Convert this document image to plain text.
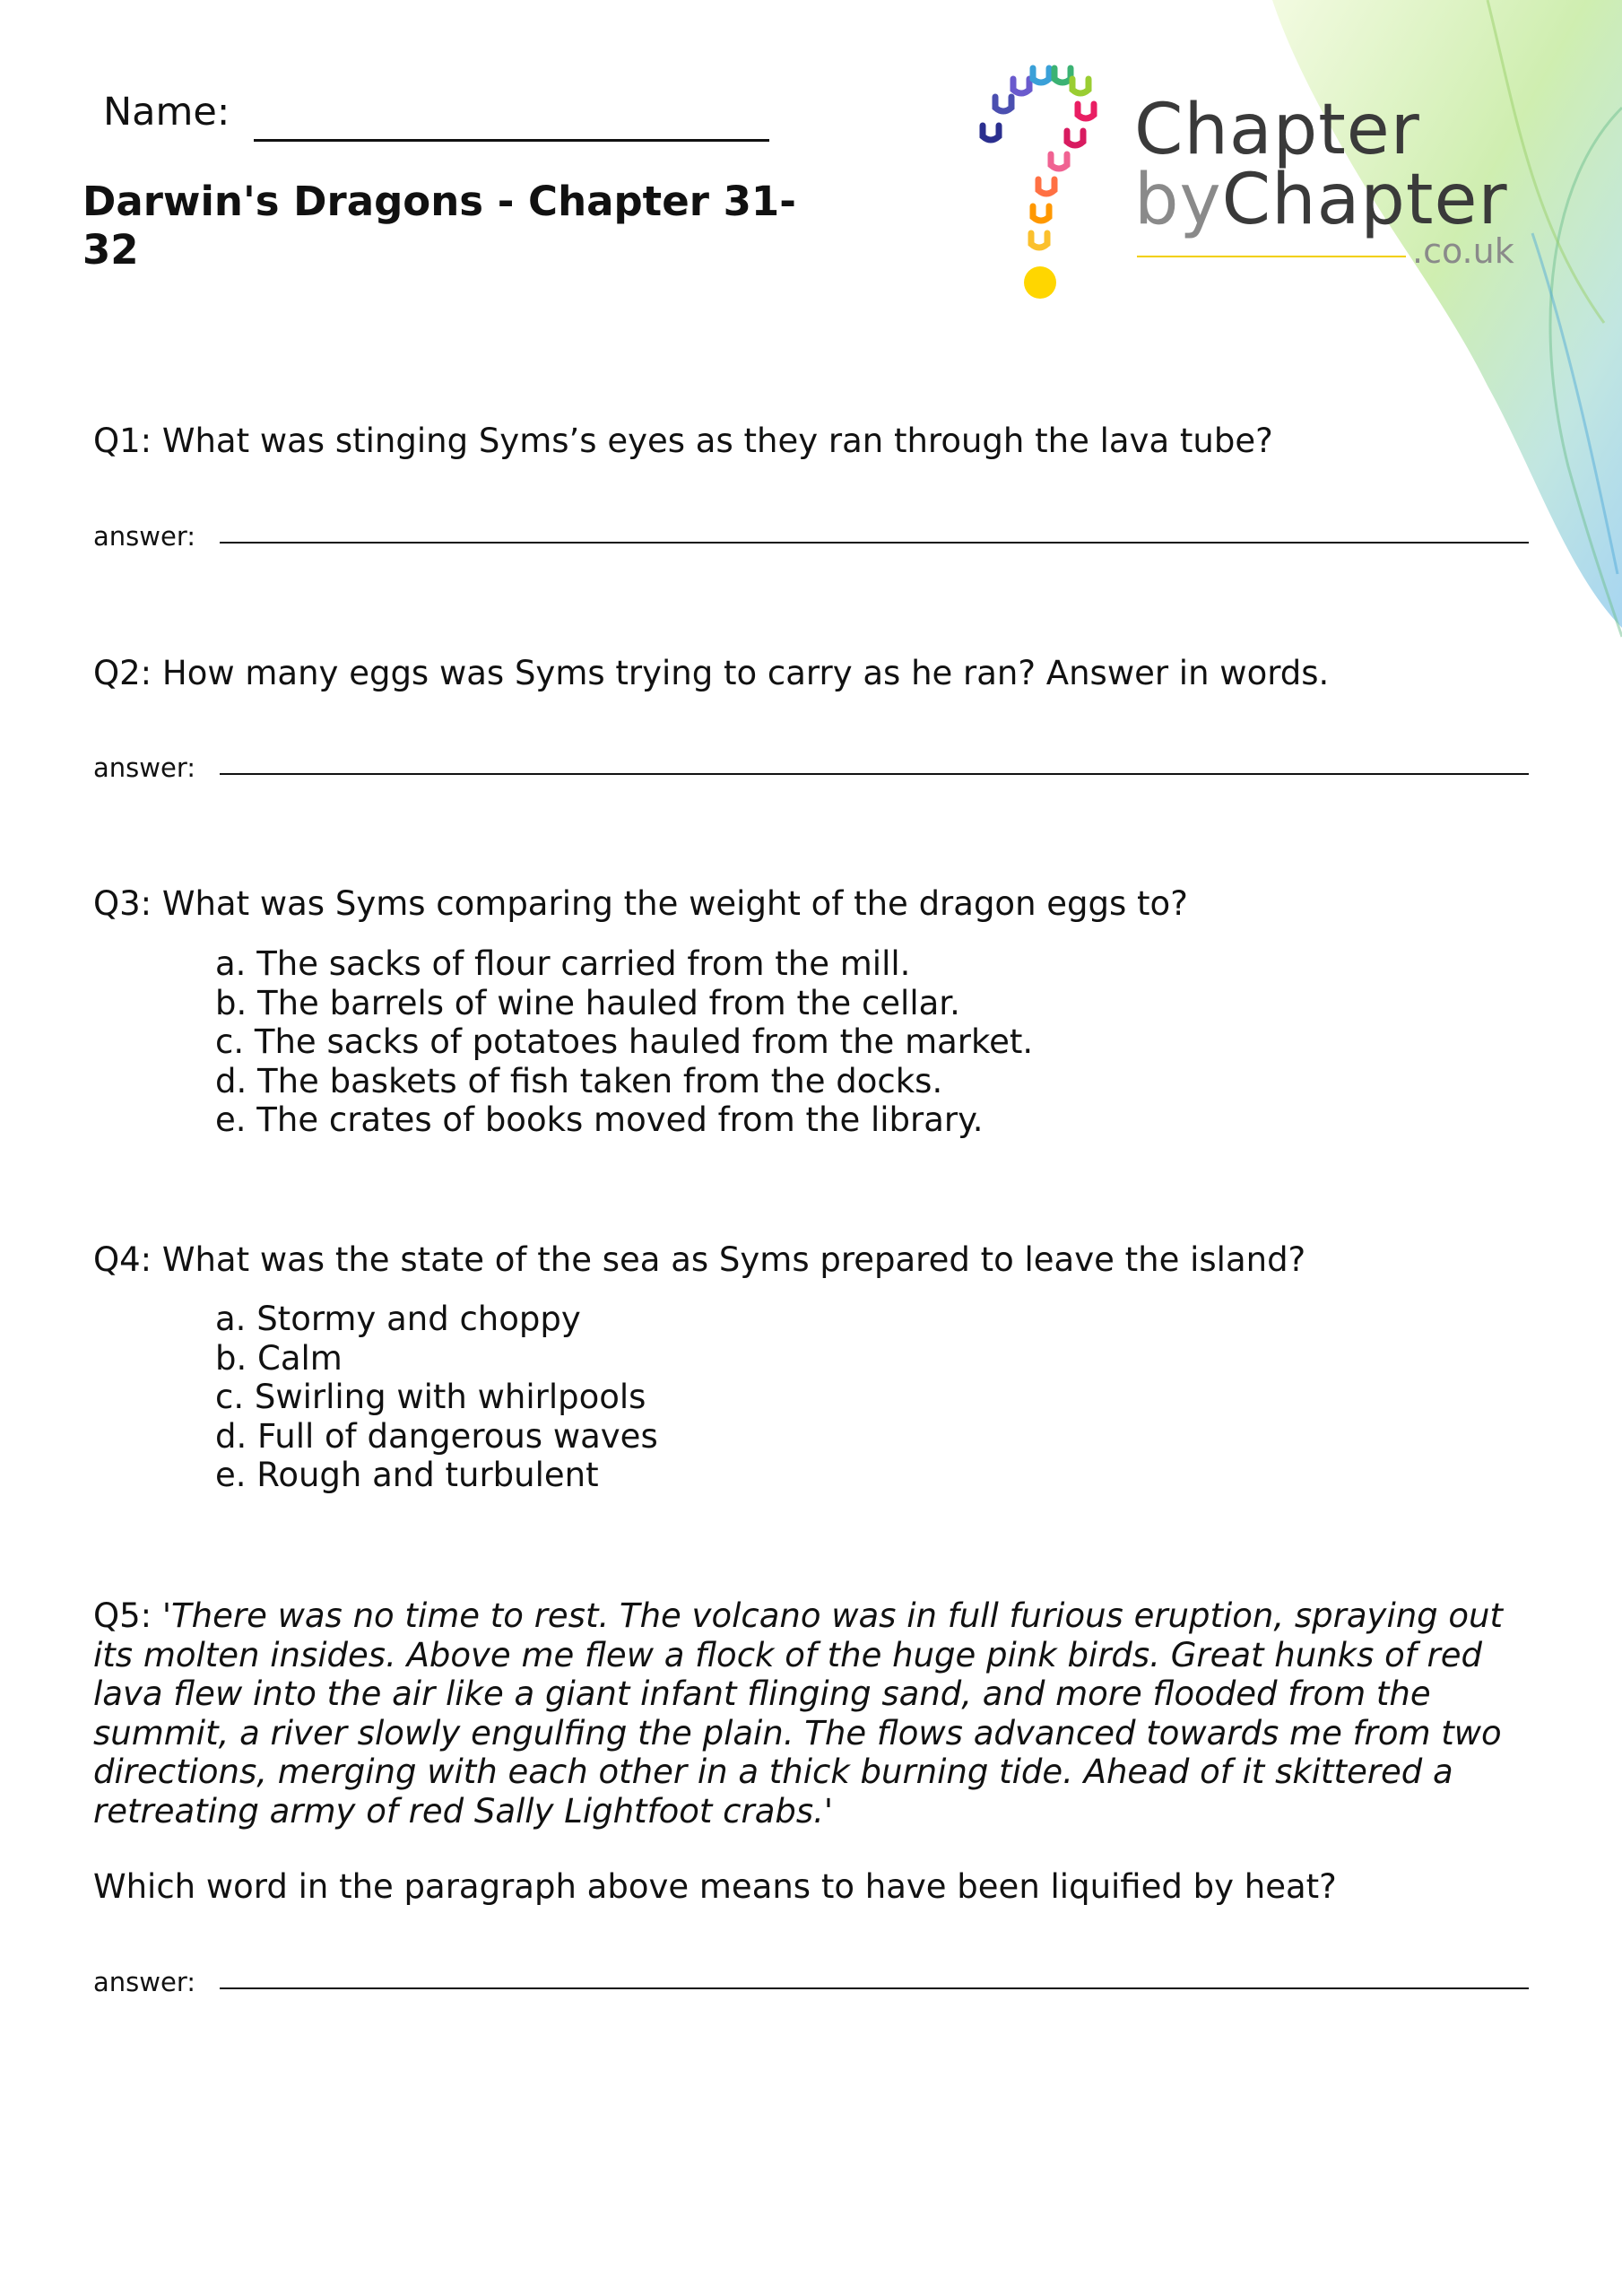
Chapter
byChapter
.co.uk
Name:
Darwin's Dragons - Chapter 31-32
Q1: What was stinging Syms’s eyes as they ran through the lava tube?
answer:
Q2: How many eggs was Syms trying to carry as he ran? Answer in words.
answer:
Q3: What was Syms comparing the weight of the dragon eggs to?
a. The sacks of flour carried from the mill.
b. The barrels of wine hauled from the cellar.
c. The sacks of potatoes hauled from the market.
d. The baskets of fish taken from the docks.
e. The crates of books moved from the library.
Q4: What was the state of the sea as Syms prepared to leave the island?
a. Stormy and choppy
b. Calm
c. Swirling with whirlpools
d. Full of dangerous waves
e. Rough and turbulent
Q5: 'There was no time to rest. The volcano was in full furious eruption, spraying out its molten insides. Above me flew a flock of the huge pink birds. Great hunks of red lava flew into the air like a giant infant flinging sand, and more flooded from the summit, a river slowly engulfing the plain. The flows advanced towards me from two directions, merging with each other in a thick burning tide. Ahead of it skittered a retreating army of red Sally Lightfoot crabs.'
Which word in the paragraph above means to have been liquified by heat?
answer:
